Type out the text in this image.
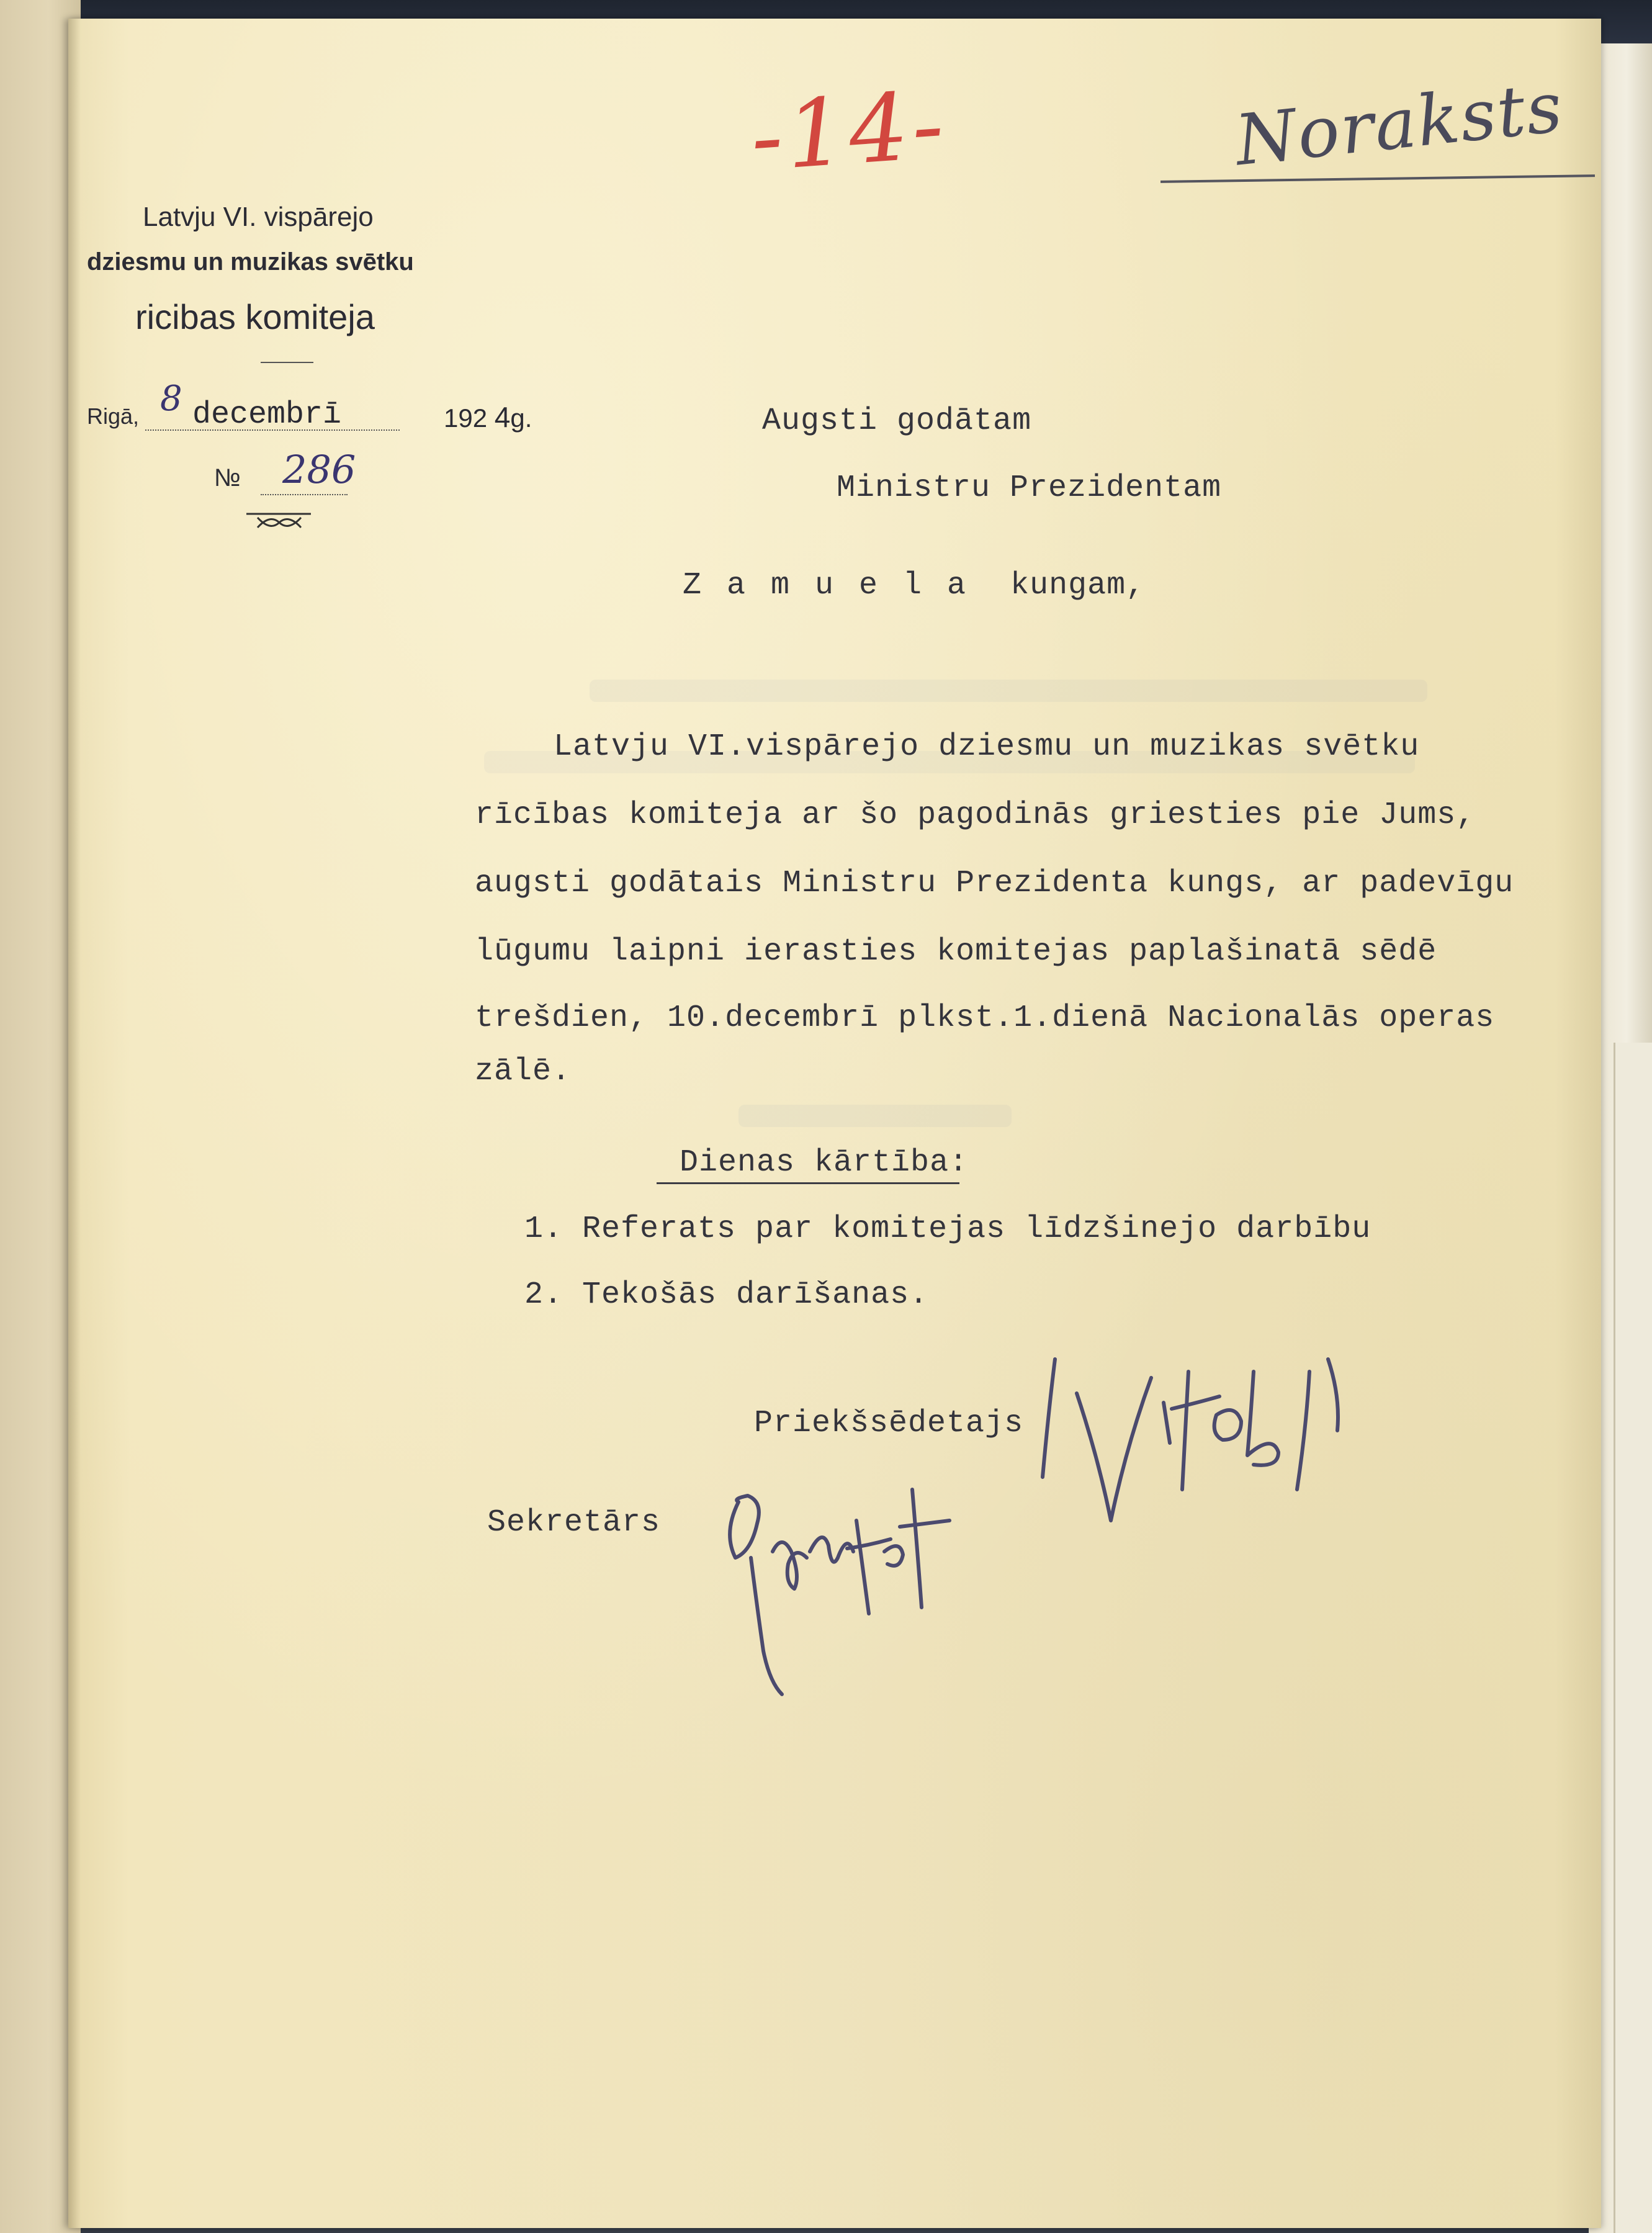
-14-	Noraksts
Latvju VI. vispārejo
dziesmu un muzikas svētku
ricibas komiteja
Rigā, 8 decembrī	192 4g.
№ 286
Augsti godātam
Ministru Prezidentam
Zamuela kungam,
Latvju VI.vispārejo dziesmu un muzikas svētku
rīcības komiteja ar šo pagodinās griesties pie Jums,
augsti godātais Ministru Prezidenta kungs, ar padevīgu
lūgumu laipni ierasties komitejas paplašinatā sēdē
trešdien, 10.decembrī plkst.1.dienā Nacionalās operas
zālē.
Dienas kārtība:
1. Referats par komitejas līdzšinejo darbību
2. Tekošās darīšanas.
Priekšsēdetajs
Sekretārs
